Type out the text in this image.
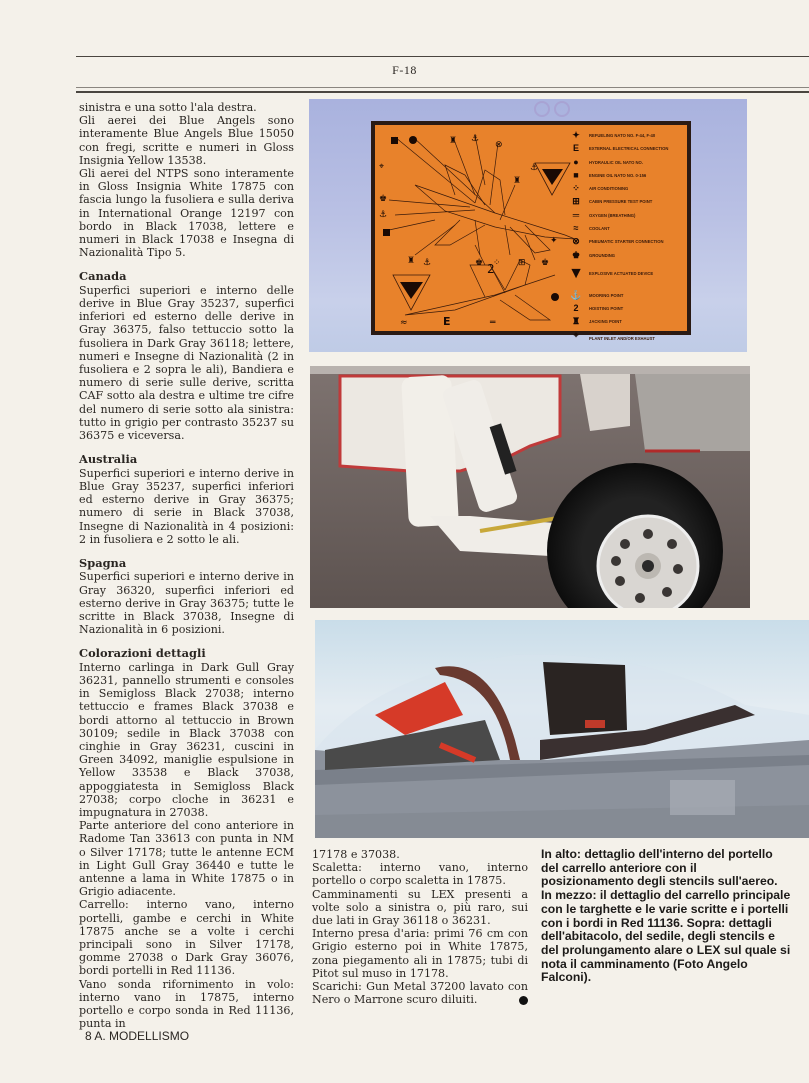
F-18

sinistra e una sotto l'ala destra.

Gli aerei dei Blue Angels sono interamente Blue Angels Blue 15050 con fregi, scritte e numeri in Gloss Insignia Yellow 13538.

Gli aerei del NTPS sono interamente in Gloss Insignia White 17875 con fascia lungo la fusoliera e sulla deriva in International Orange 12197 con bordo in Black 17038, lettere e numeri in Black 17038 e Insegna di Nazionalità Tipo 5.

Canada

Superfici superiori e interno delle derive in Blue Gray 35237, superfici inferiori ed esterno delle derive in Gray 36375, falso tettuccio sotto la fusoliera in Dark Gray 36118; lettere, numeri e Insegne di Nazionalità (2 in fusoliera e 2 sopra le ali), Bandiera e numero di serie sulle derive, scritta CAF sotto ala destra e ultime tre cifre del numero di serie sotto ala sinistra: tutto in grigio per contrasto 35237 su 36375 e viceversa.

Australia

Superfici superiori e interno derive in Blue Gray 35237, superfici inferiori ed esterno derive in Gray 36375; numero di serie in Black 37038, Insegne di Nazionalità in 4 posizioni: 2 in fusoliera e 2 sotto le ali.

Spagna

Superfici superiori e interno derive in Gray 36320, superfici inferiori ed esterno derive in Gray 36375; tutte le scritte in Black 37038, Insegne di Nazionalità in 6 posizioni.

Colorazioni dettagli

Interno carlinga in Dark Gull Gray 36231, pannello strumenti e consoles in Semigloss Black 27038; interno tettuccio e frames Black 37038 e bordi attorno al tettuccio in Brown 30109; sedile in Black 37038 con cinghie in Gray 36231, cuscini in Green 34092, maniglie espulsione in Yellow 33538 e Black 37038, appoggiatesta in Semigloss Black 27038; corpo cloche in 36231 e impugnatura in 27038.

Parte anteriore del cono anteriore in Radome Tan 33613 con punta in NM o Silver 17178; tutte le antenne ECM in Light Gull Gray 36440 e tutte le antenne a lama in White 17875 o in Grigio adiacente.

Carrello: interno vano, interno portelli, gambe e cerchi in White 17875 anche se a volte i cerchi principali sono in Silver 17178, gomme 27038 o Dark Gray 36076, bordi portelli in Red 11136.

Vano sonda rifornimento in volo: interno vano in 17875, interno portello e corpo sonda in Red 11136, punta in

♜ ⚓
⊗
⌖
♚
⚓
♜ ⚓	♚ ⁘ ⊞ ♚
✦
♜
⚓
2
≈	E	═
✦	REFUELING NATO NO. F-44, F-40
E	EXTERNAL ELECTRICAL CONNECTION
●	HYDRAULIC OIL NATO NO.
■	ENGINE OIL NATO NO. 0-156
⁘	AIR CONDITIONING
⊞	CABIN PRESSURE TEST POINT
═	OXYGEN (BREATHING)
≈	COOLANT
⊗	PNEUMATIC STARTER CONNECTION
♚	GROUNDING
▼	EXPLOSIVE ACTUATED DEVICE
⚓	MOORING POINT
2	HOISTING POINT
♜	JACKING POINT
⌖	AIRBORNE AUXILIARY TURBINE POWER PLANT INLET AND/OR EXHAUST

17178 e 37038.

Scaletta: interno vano, interno portello o corpo scaletta in 17875.

Camminamenti su LEX presenti a volte solo a sinistra o, più raro, sui due lati in Gray 36118 o 36231.

Interno presa d'aria: primi 76 cm con Grigio esterno poi in White 17875, zona piegamento ali in 17875; tubi di Pitot sul muso in 17178.

Scarichi: Gun Metal 37200 lavato con Nero o Marrone scuro diluiti.

In alto: dettaglio dell'interno del portello del carrello anteriore con il posizionamento degli stencils sull'aereo. In mezzo: il dettaglio del carrello principale con le targhette e le varie scritte e i portelli con i bordi in Red 11136. Sopra: dettagli dell'abitacolo, del sedile, degli stencils e del prolungamento alare o LEX sul quale si nota il camminamento (Foto Angelo Falconi).
8 A. MODELLISMO
